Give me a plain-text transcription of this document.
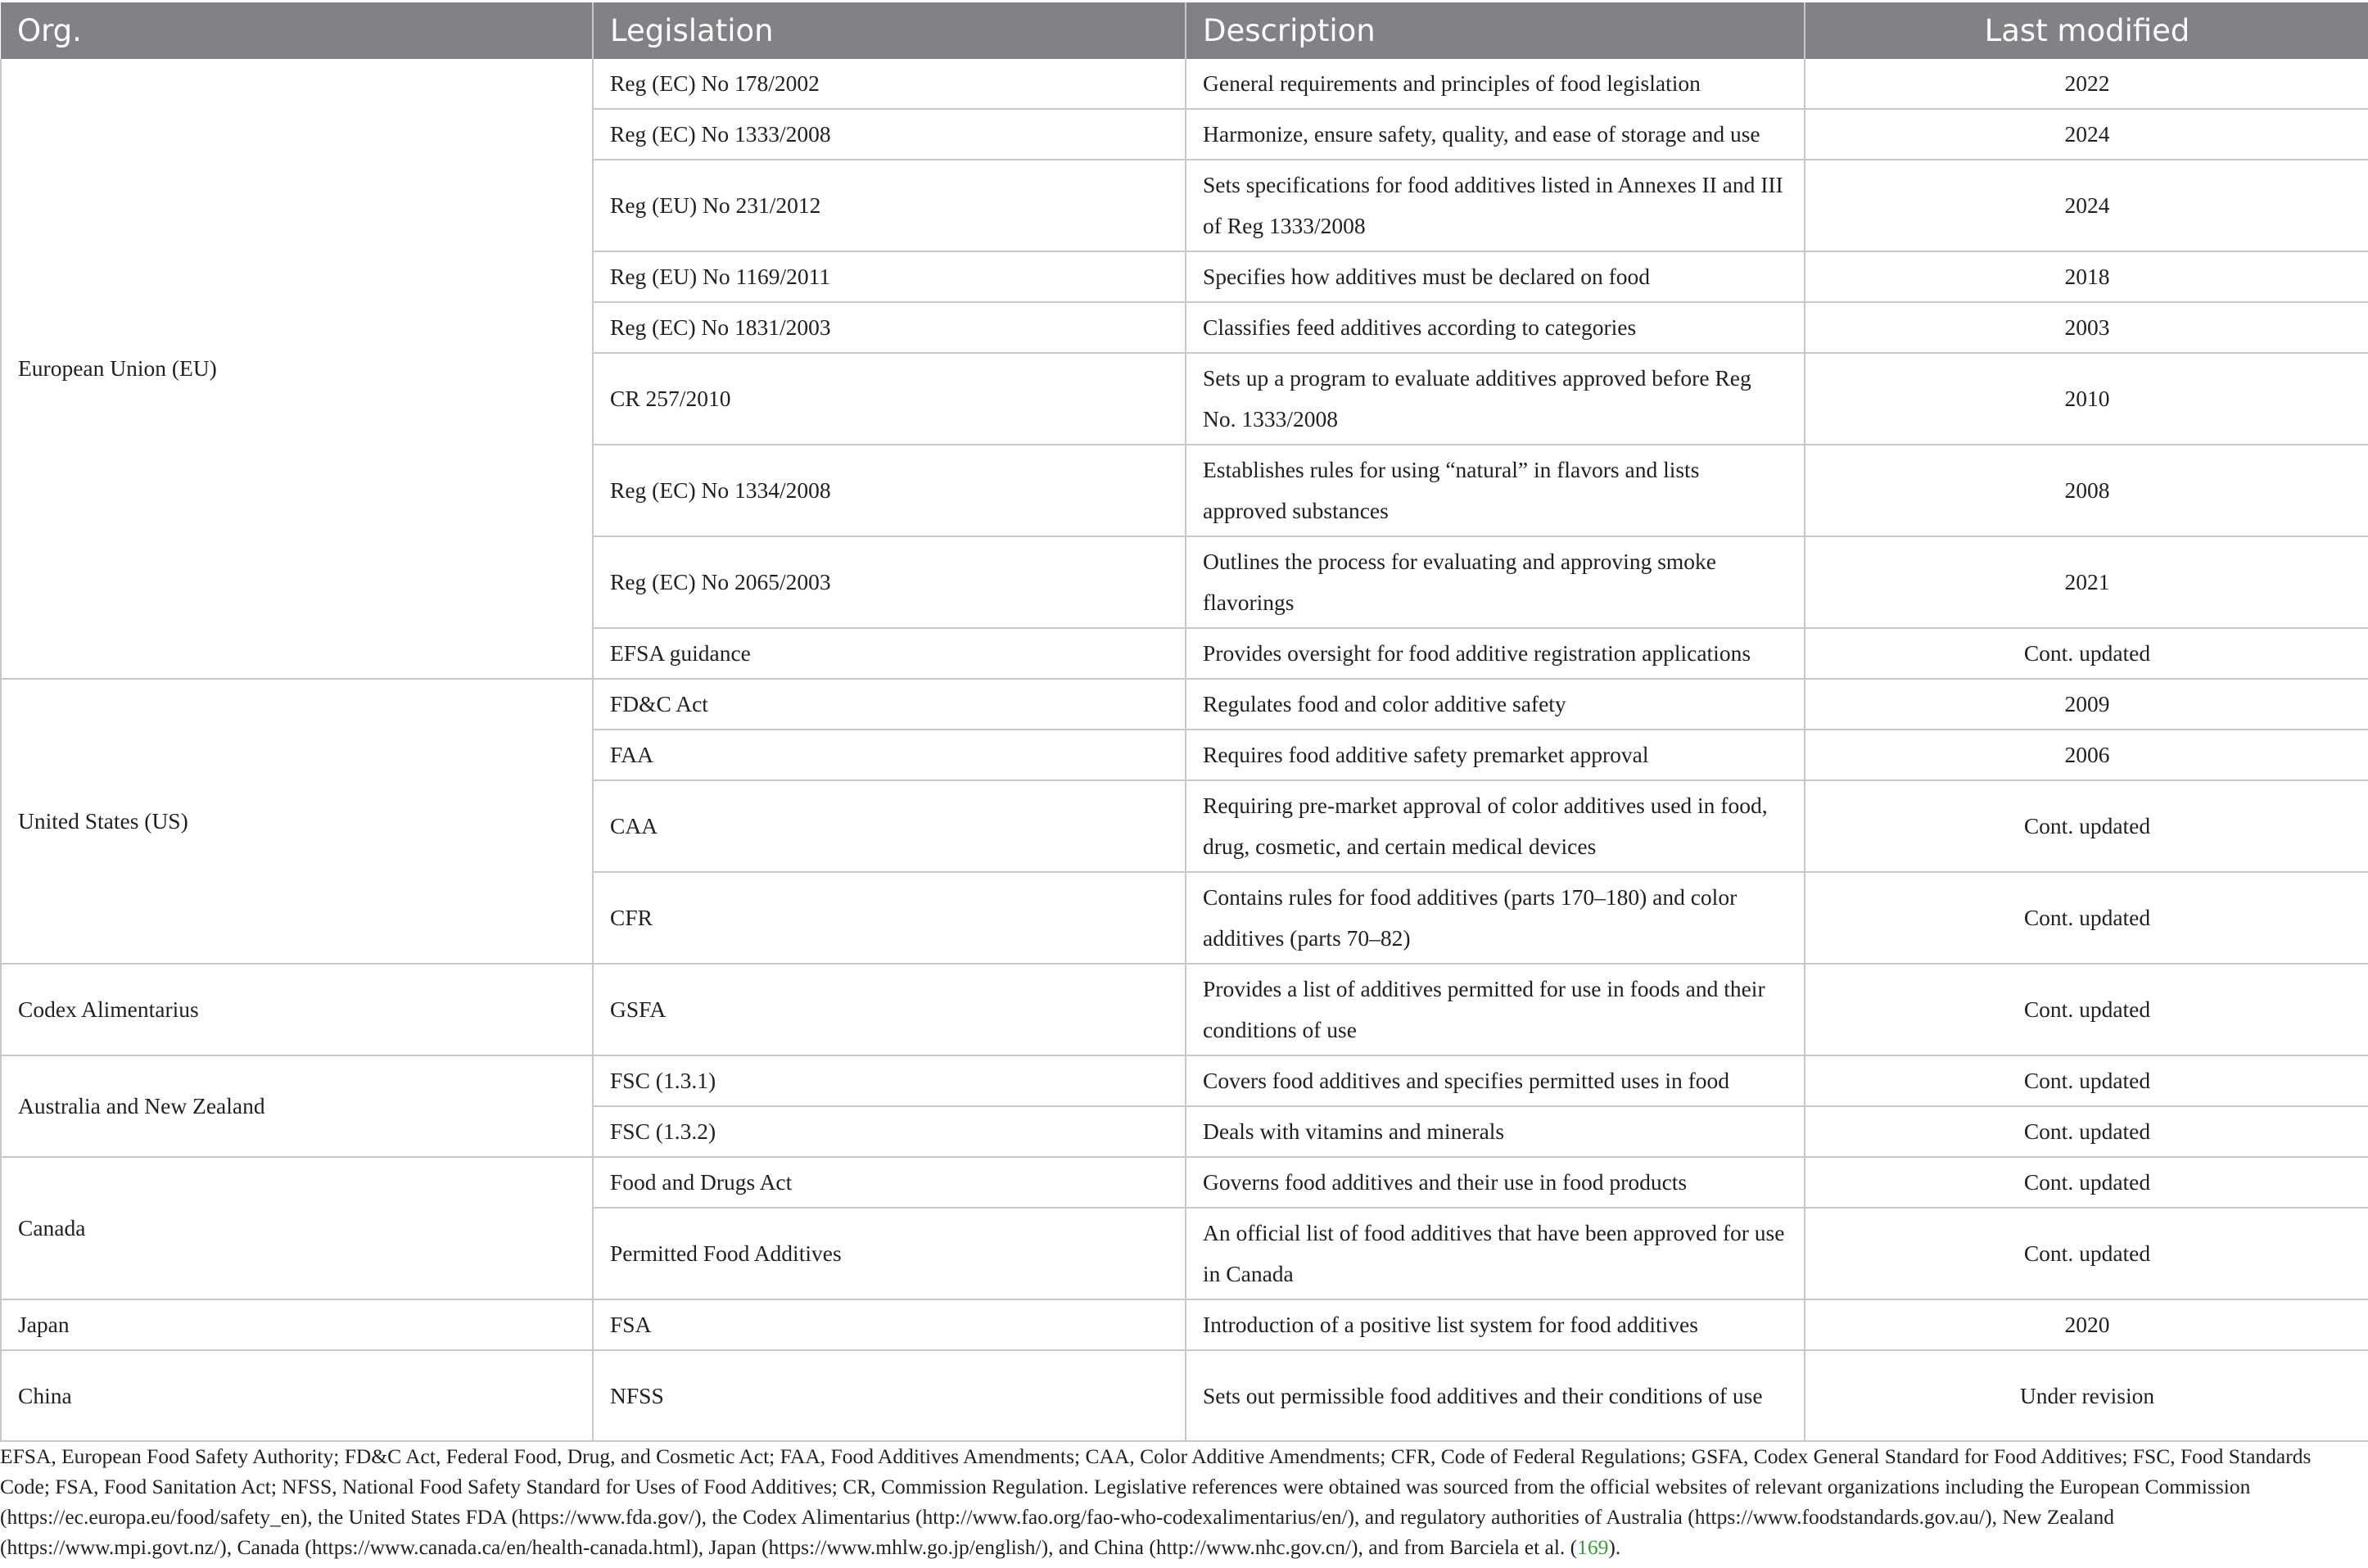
Org.	Legislation	Description	Last modified
European Union (EU)	Reg (EC) No 178/2002	General requirements and principles of food legislation	2022
	Reg (EC) No 1333/2008	Harmonize, ensure safety, quality, and ease of storage and use	2024
	Reg (EU) No 231/2012	Sets specifications for food additives listed in Annexes II and III of Reg 1333/2008	2024
	Reg (EU) No 1169/2011	Specifies how additives must be declared on food	2018
	Reg (EC) No 1831/2003	Classifies feed additives according to categories	2003
	CR 257/2010	Sets up a program to evaluate additives approved before Reg No. 1333/2008	2010
	Reg (EC) No 1334/2008	Establishes rules for using “natural” in flavors and lists approved substances	2008
	Reg (EC) No 2065/2003	Outlines the process for evaluating and approving smoke flavorings	2021
	EFSA guidance	Provides oversight for food additive registration applications	Cont. updated
United States (US)	FD&C Act	Regulates food and color additive safety	2009
	FAA	Requires food additive safety premarket approval	2006
	CAA	Requiring pre-market approval of color additives used in food, drug, cosmetic, and certain medical devices	Cont. updated
	CFR	Contains rules for food additives (parts 170–180) and color additives (parts 70–82)	Cont. updated
Codex Alimentarius	GSFA	Provides a list of additives permitted for use in foods and their conditions of use	Cont. updated
Australia and New Zealand	FSC (1.3.1)	Covers food additives and specifies permitted uses in food	Cont. updated
	FSC (1.3.2)	Deals with vitamins and minerals	Cont. updated
Canada	Food and Drugs Act	Governs food additives and their use in food products	Cont. updated
	Permitted Food Additives	An official list of food additives that have been approved for use in Canada	Cont. updated
Japan	FSA	Introduction of a positive list system for food additives	2020
China	NFSS	Sets out permissible food additives and their conditions of use	Under revision
EFSA, European Food Safety Authority; FD&C Act, Federal Food, Drug, and Cosmetic Act; FAA, Food Additives Amendments; CAA, Color Additive Amendments; CFR, Code of Federal Regulations; GSFA, Codex General Standard for Food Additives; FSC, Food Standards Code; FSA, Food Sanitation Act; NFSS, National Food Safety Standard for Uses of Food Additives; CR, Commission Regulation. Legislative references were obtained was sourced from the official websites of relevant organizations including the European Commission (https://ec.europa.eu/food/safety_en), the United States FDA (https://www.fda.gov/), the Codex Alimentarius (http://www.fao.org/fao-who-codexalimentarius/en/), and regulatory authorities of Australia (https://www.foodstandards.gov.au/), New Zealand (https://www.mpi.govt.nz/), Canada (https://www.canada.ca/en/health-canada.html), Japan (https://www.mhlw.go.jp/english/), and China (http://www.nhc.gov.cn/), and from Barciela et al. (169).
